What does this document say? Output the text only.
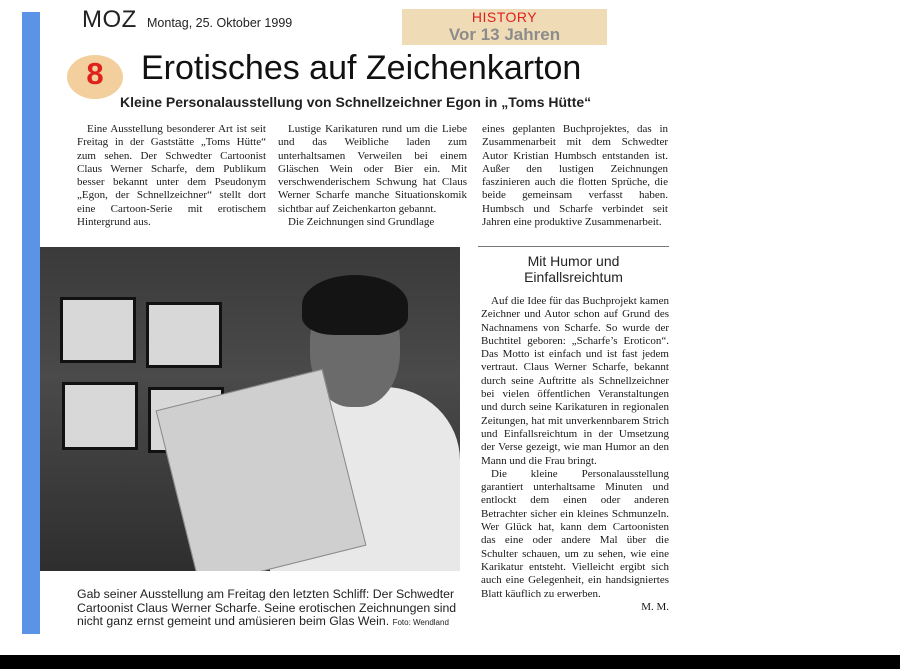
MOZ Montag, 25. Oktober 1999	HISTORY
Vor 13 Jahren
8	Erotisches auf Zeichenkarton
Kleine Personalausstellung von Schnellzeichner Egon in „Toms Hütte“

Eine Ausstellung besonderer Art ist seit Freitag in der Gaststätte „Toms Hütte“ zum sehen. Der Schwedter Cartoonist Claus Werner Scharfe, dem Publikum besser bekannt unter dem Pseudonym „Egon, der Schnellzeichner“ stellt dort eine Cartoon-Serie mit erotischem Hintergrund aus.

Lustige Karikaturen rund um die Liebe und das Weibliche laden zum unterhaltsamen Verweilen bei einem Gläschen Wein oder Bier ein. Mit verschwenderischem Schwung hat Claus Werner Scharfe manche Situationskomik sichtbar auf Zeichenkarton gebannt.

Die Zeichnungen sind Grundlage

eines geplanten Buchprojektes, das in Zusammenarbeit mit dem Schwedter Autor Kristian Humbsch entstanden ist. Außer den lustigen Zeichnungen faszinieren auch die flotten Sprüche, die beide gemeinsam verfasst haben. Humbsch und Scharfe verbindet seit Jahren eine produktive Zusammenarbeit.

Mit Humor und Einfallsreichtum

Auf die Idee für das Buchprojekt kamen Zeichner und Autor schon auf Grund des Nachnamens von Scharfe. So wurde der Buchtitel geboren: „Scharfe’s Eroticon“. Das Motto ist einfach und ist fast jedem vertraut. Claus Werner Scharfe, bekannt durch seine Auftritte als Schnellzeichner bei vielen öffentlichen Veranstaltungen und durch seine Karikaturen in regionalen Zeitungen, hat mit unverkennbarem Strich und Einfallsreichtum in der Umsetzung der Verse gezeigt, wie man Humor an den Mann und die Frau bringt.

Die kleine Personalausstellung garantiert unterhaltsame Minuten und entlockt dem einen oder anderen Betrachter sicher ein kleines Schmunzeln. Wer Glück hat, kann dem Cartoonisten das eine oder andere Mal über die Schulter schauen, um zu sehen, wie eine Karikatur entsteht. Vielleicht ergibt sich auch eine Gelegenheit, ein handsigniertes Blatt käuflich zu erwerben.

M. M.

Gab seiner Ausstellung am Freitag den letzten Schliff: Der Schwedter Cartoonist Claus Werner Scharfe. Seine erotischen Zeichnungen sind nicht ganz ernst gemeint und amüsieren beim Glas Wein. Foto: Wendland
